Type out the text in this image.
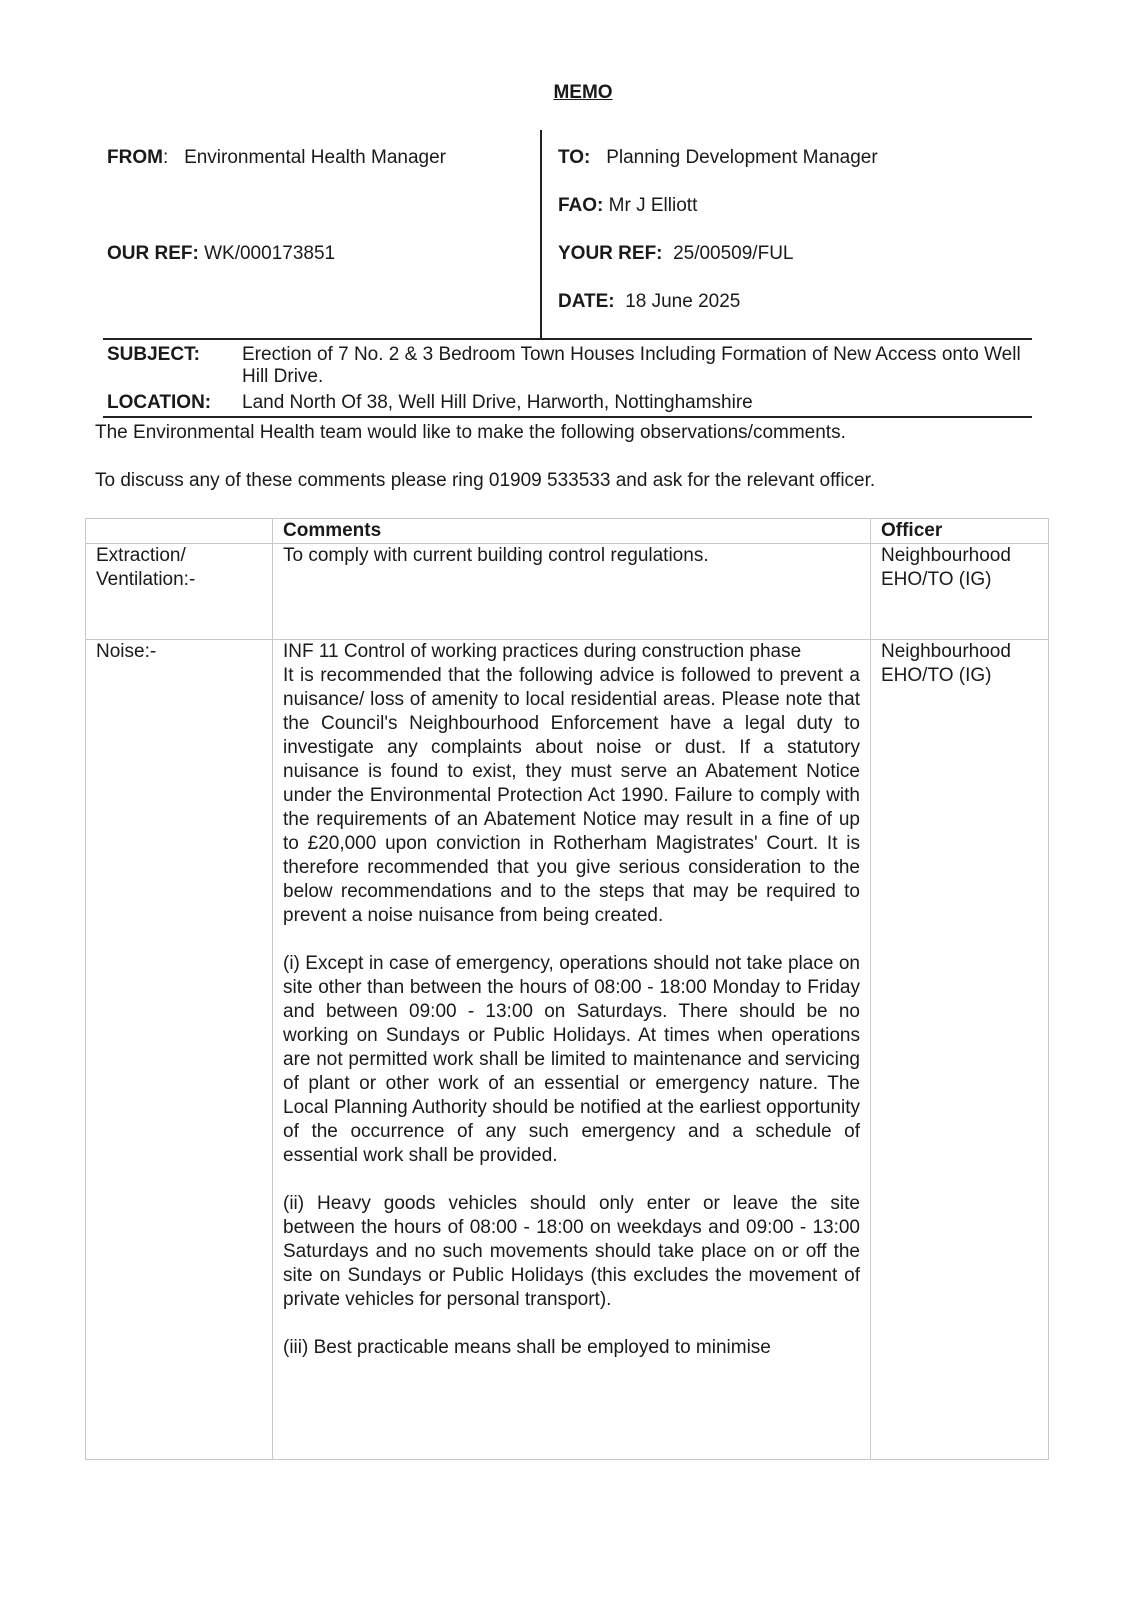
MEMO
FROM:   Environmental Health Manager
OUR REF: WK/000173851
TO: Planning Development Manager
FAO: Mr J Elliott
YOUR REF: 25/00509/FUL
DATE: 18 June 2025
SUBJECT: Erection of 7 No. 2 & 3 Bedroom Town Houses Including Formation of New Access onto Well Hill Drive.
LOCATION: Land North Of 38, Well Hill Drive, Harworth, Nottinghamshire
The Environmental Health team would like to make the following observations/comments.
To discuss any of these comments please ring 01909 533533 and ask for the relevant officer.
	Comments	Officer
Extraction/ Ventilation:-	To comply with current building control regulations.	Neighbourhood EHO/TO (IG)
Noise:-	INF 11 Control of working practices during construction phase

It is recommended that the following advice is followed to prevent a nuisance/ loss of amenity to local residential areas. Please note that the Council's Neighbourhood Enforcement have a legal duty to investigate any complaints about noise or dust. If a statutory nuisance is found to exist, they must serve an Abatement Notice under the Environmental Protection Act 1990. Failure to comply with the requirements of an Abatement Notice may result in a fine of up to £20,000 upon conviction in Rotherham Magistrates' Court. It is therefore recommended that you give serious consideration to the below recommendations and to the steps that may be required to prevent a noise nuisance from being created.

(i) Except in case of emergency, operations should not take place on site other than between the hours of 08:00 - 18:00 Monday to Friday and between 09:00 - 13:00 on Saturdays. There should be no working on Sundays or Public Holidays. At times when operations are not permitted work shall be limited to maintenance and servicing of plant or other work of an essential or emergency nature. The Local Planning Authority should be notified at the earliest opportunity of the occurrence of any such emergency and a schedule of essential work shall be provided.

(ii) Heavy goods vehicles should only enter or leave the site between the hours of 08:00 - 18:00 on weekdays and 09:00 - 13:00 Saturdays and no such movements should take place on or off the site on Sundays or Public Holidays (this excludes the movement of private vehicles for personal transport).

(iii) Best practicable means shall be employed to minimise	Neighbourhood EHO/TO (IG)
